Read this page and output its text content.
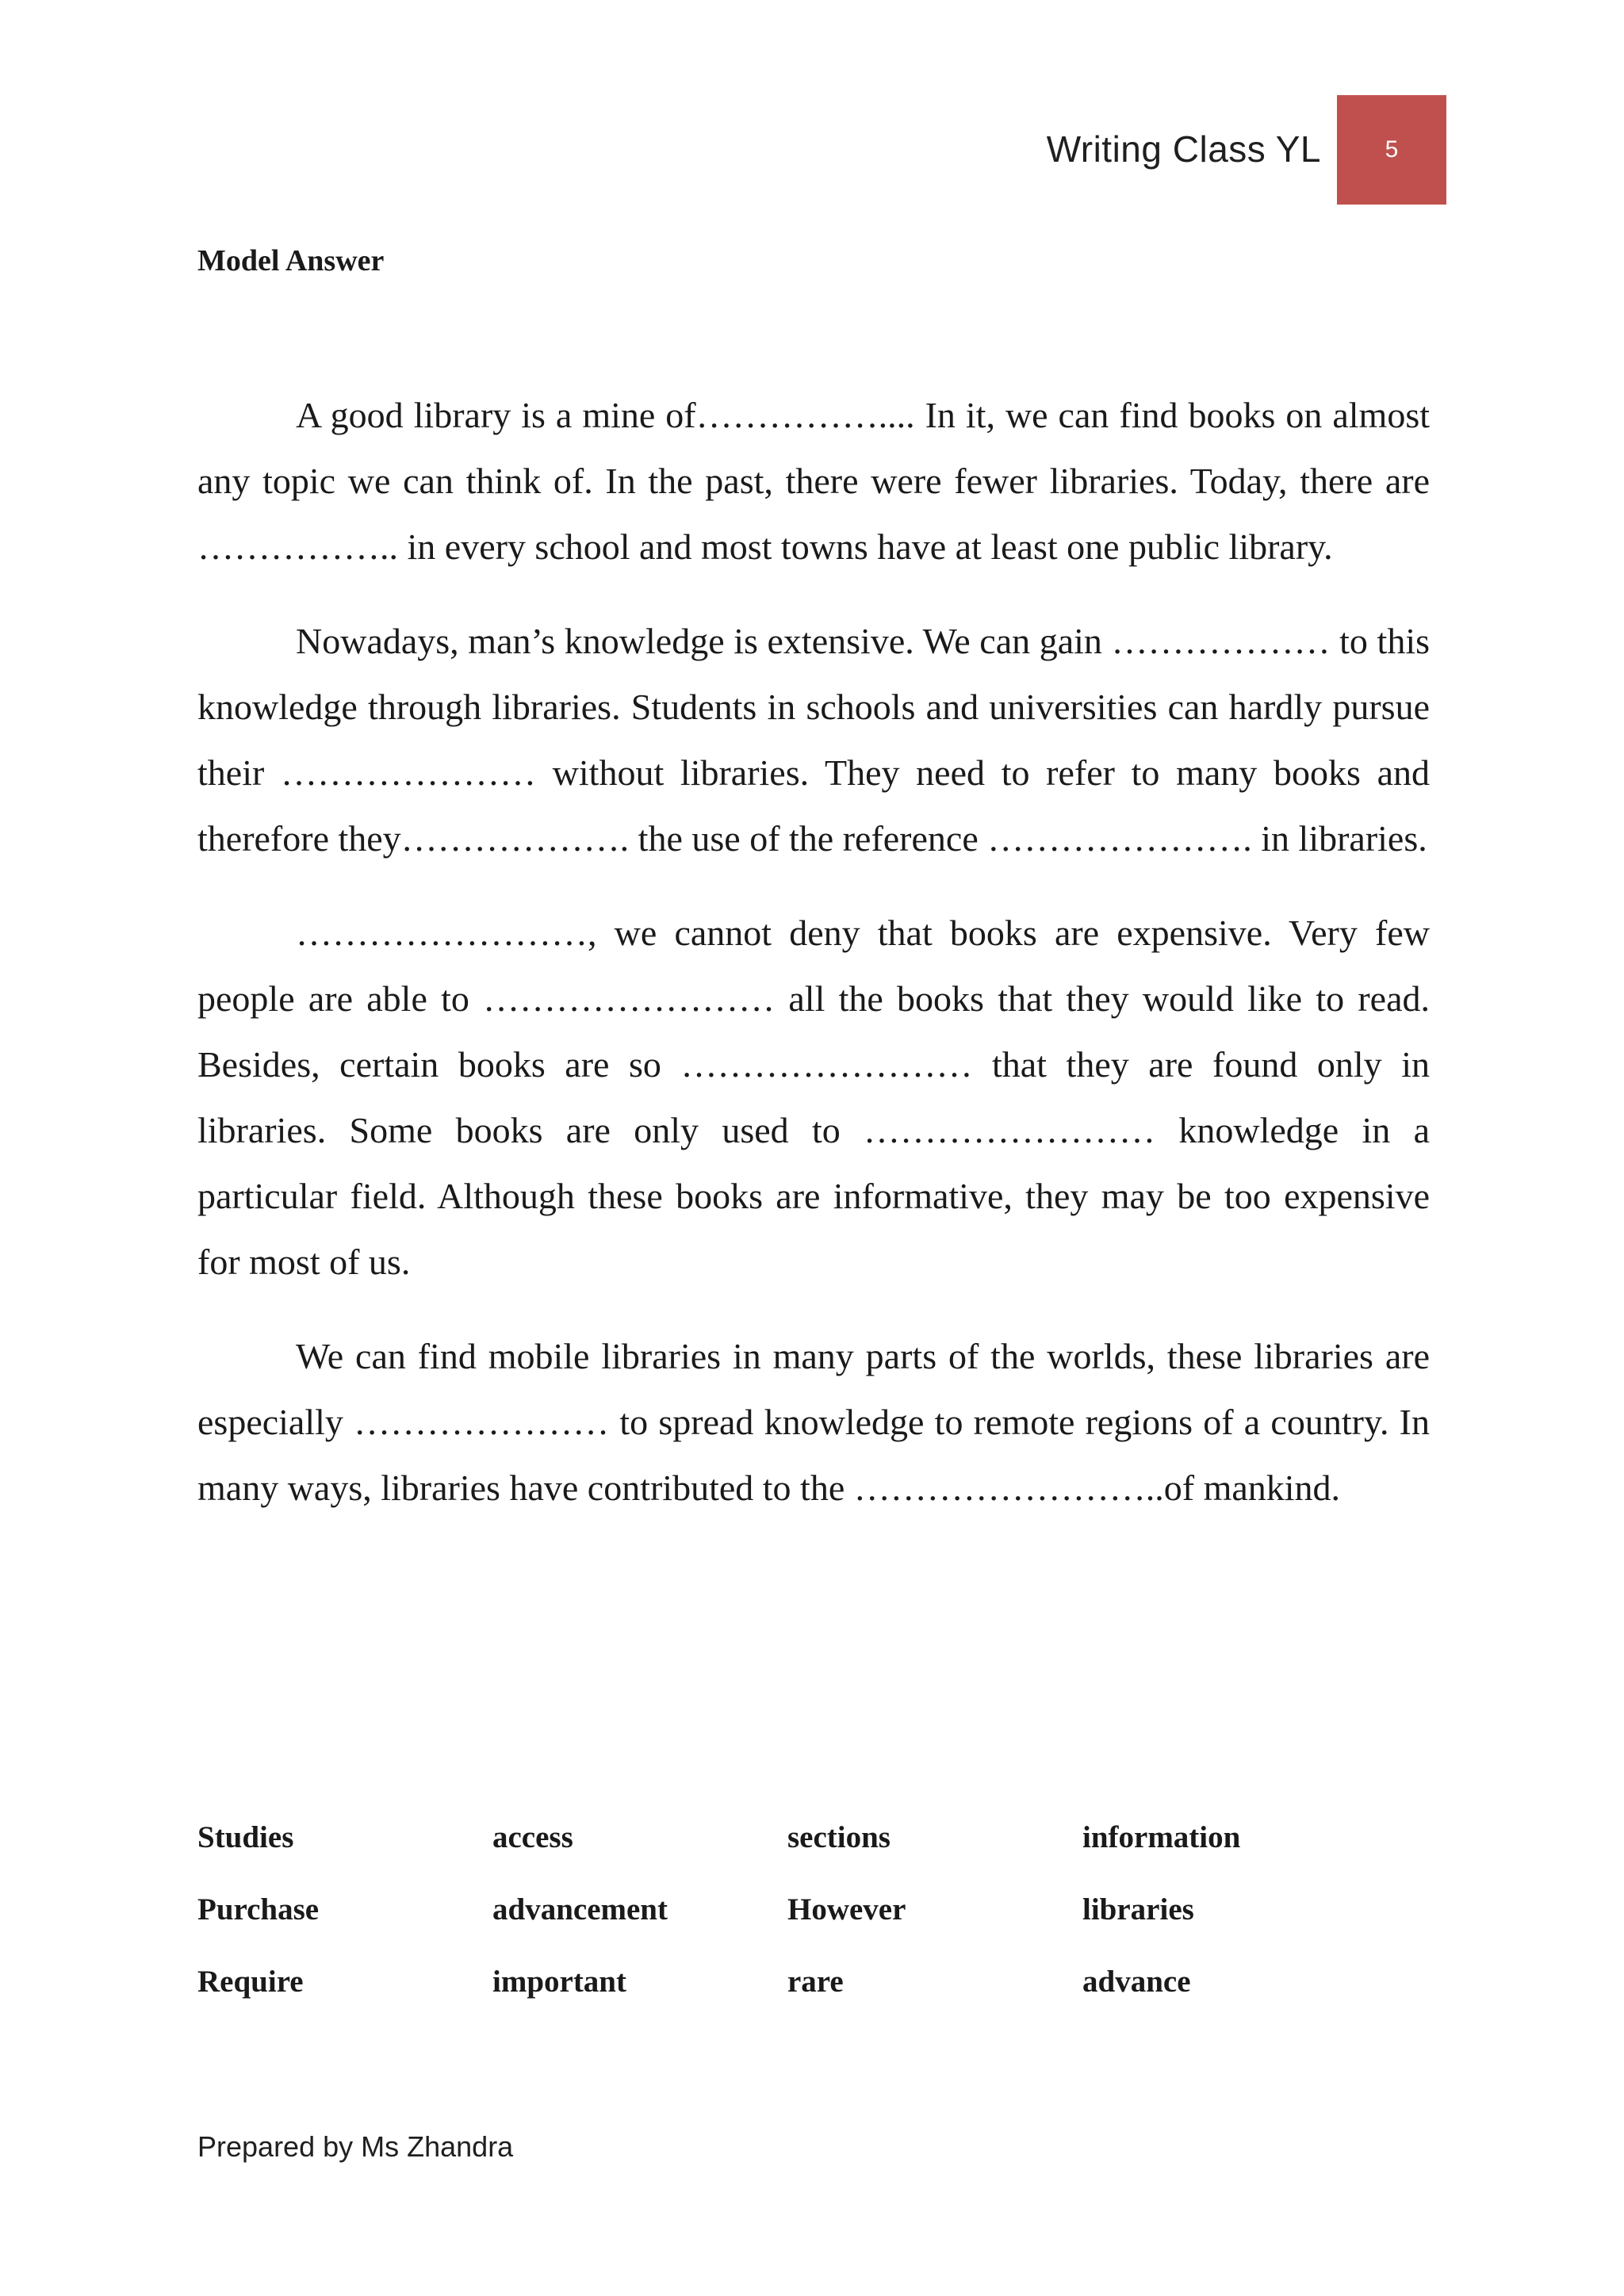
Writing Class YL	5
Model Answer

A good library is a mine of…………….... In it, we can find books on almost any topic we can think of. In the past, there were fewer libraries. Today, there are …………….. in every school and most towns have at least one public library.

Nowadays, man’s knowledge is extensive. We can gain ……………… to this knowledge through libraries. Students in schools and universities can hardly pursue their ………………… without libraries. They need to refer to many books and therefore they………………. the use of the reference …………………. in libraries.

……………………, we cannot deny that books are expensive. Very few people are able to …………………… all the books that they would like to read. Besides, certain books are so …………………… that they are found only in libraries. Some books are only used to …………………… knowledge in a particular field. Although these books are informative, they may be too expensive for most of us.

We can find mobile libraries in many parts of the worlds, these libraries are especially ………………… to spread knowledge to remote regions of a country. In many ways, libraries have contributed to the ……………………..of mankind.

Studies	access	sections	information
Purchase	advancement	However	libraries
Require	important	rare	advance
Prepared by Ms Zhandra
